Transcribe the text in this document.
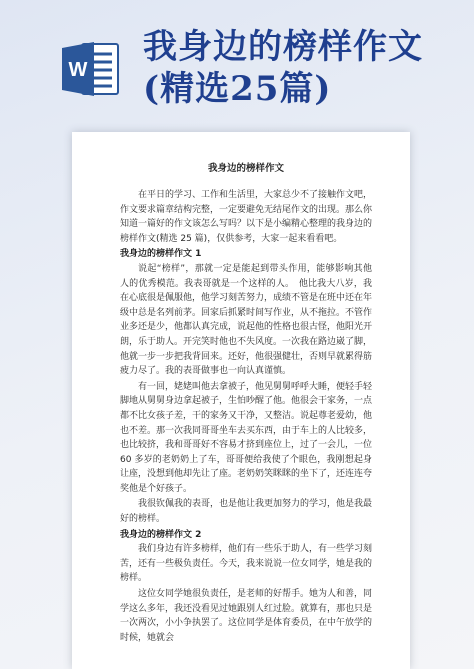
W
我身边的榜样作文
(精选25篇)
我身边的榜样作文
在平日的学习、工作和生活里，大家总少不了接触作文吧，作文要求篇章结构完整，一定要避免无结尾作文的出现。那么你知道一篇好的作文该怎么写吗？以下是小编精心整理的我身边的榜样作文(精选 25 篇)，仅供参考，大家一起来看看吧。
我身边的榜样作文 1
说起“榜样”，那就一定是能起到带头作用，能够影响其他人的优秀模范。我表哥就是一个这样的人。　他比我大八岁，我在心底很是佩服他，他学习刻苦努力，成绩不管是在班中还在年级中总是名列前茅。回家后抓紧时间写作业，从不拖拉。不管作业多还是少，他都认真完成，说起他的性格也很古怪，他阳光开朗，乐于助人。开完笑时他也不失风度。一次我在路边崴了脚，他就一步一步把我背回来。还好，他很强健壮，否则早就累得筋疲力尽了。我的表哥做事也一向认真谨慎。
有一回，姥姥叫他去拿被子，他见舅舅呼呼大睡，便轻手轻脚地从舅舅身边拿起被子，生怕吵醒了他。他很会干家务，一点都不比女孩子差，干的家务又干净，又整洁。说起尊老爱幼，他也不差。那一次我同哥哥坐车去买东西，由于车上的人比较多，也比较挤，我和哥哥好不容易才挤到座位上，过了一会儿，一位 60 多岁的老奶奶上了车，哥哥便给我使了个眼色，我刚想起身让座，没想到他却先让了座。老奶奶笑眯眯的坐下了，还连连夸奖他是个好孩子。
我很钦佩我的表哥，也是他让我更加努力的学习，他是我最好的榜样。
我身边的榜样作文 2
我们身边有许多榜样，他们有一些乐于助人，有一些学习刻苦，还有一些极负责任。今天，我来说说一位女同学，她是我的榜样。
这位女同学她很负责任，是老师的好帮手。她为人和善，同学这么多年，我还没看见过她跟别人红过脸。就算有，那也只是一次两次，小小争执罢了。这位同学是体育委员，在中午放学的时候，她就会
